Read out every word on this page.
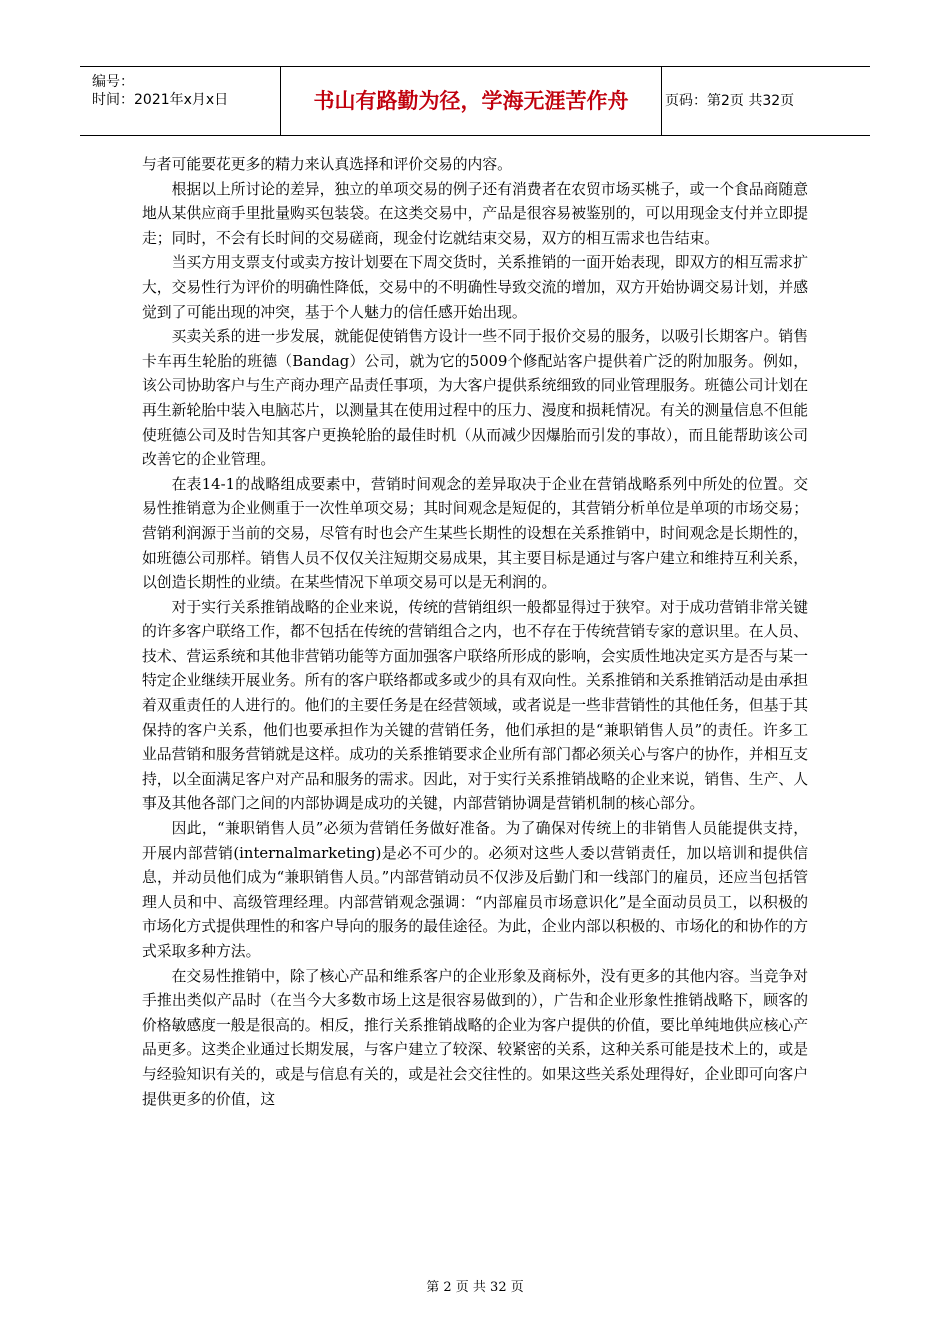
编号：
时间：2021年x月x日	书山有路勤为径，学海无涯苦作舟	页码：第2页 共32页

与者可能要花更多的精力来认真选择和评价交易的内容。

根据以上所讨论的差异，独立的单项交易的例子还有消费者在农贸市场买桃子，或一个食品商随意地从某供应商手里批量购买包装袋。在这类交易中，产品是很容易被鉴别的，可以用现金支付并立即提走；同时，不会有长时间的交易磋商，现金付讫就结束交易，双方的相互需求也告结束。

当买方用支票支付或卖方按计划要在下周交货时，关系推销的一面开始表现，即双方的相互需求扩大，交易性行为评价的明确性降低，交易中的不明确性导致交流的增加，双方开始协调交易计划，并感觉到了可能出现的冲突，基于个人魅力的信任感开始出现。

买卖关系的进一步发展，就能促使销售方设计一些不同于报价交易的服务，以吸引长期客户。销售卡车再生轮胎的班德（Bandag）公司，就为它的5009个修配站客户提供着广泛的附加服务。例如，该公司协助客户与生产商办理产品责任事项，为大客户提供系统细致的同业管理服务。班德公司计划在再生新轮胎中装入电脑芯片，以测量其在使用过程中的压力、漫度和损耗情况。有关的测量信息不但能使班德公司及时告知其客户更换轮胎的最佳时机（从而减少因爆胎而引发的事故），而且能帮助该公司改善它的企业管理。

在表14-1的战略组成要素中，营销时间观念的差异取决于企业在营销战略系列中所处的位置。交易性推销意为企业侧重于一次性单项交易；其时间观念是短促的，其营销分析单位是单项的市场交易；营销利润源于当前的交易，尽管有时也会产生某些长期性的设想在关系推销中，时间观念是长期性的，如班德公司那样。销售人员不仅仅关注短期交易成果，其主要目标是通过与客户建立和维持互利关系，以创造长期性的业绩。在某些情况下单项交易可以是无利润的。

对于实行关系推销战略的企业来说，传统的营销组织一般都显得过于狭窄。对于成功营销非常关键的许多客户联络工作，都不包括在传统的营销组合之内，也不存在于传统营销专家的意识里。在人员、技术、营运系统和其他非营销功能等方面加强客户联络所形成的影响，会实质性地决定买方是否与某一特定企业继续开展业务。所有的客户联络都或多或少的具有双向性。关系推销和关系推销活动是由承担着双重责任的人进行的。他们的主要任务是在经营领域，或者说是一些非营销性的其他任务，但基于其保持的客户关系，他们也要承担作为关键的营销任务，他们承担的是“兼职销售人员”的责任。许多工业品营销和服务营销就是这样。成功的关系推销要求企业所有部门都必须关心与客户的协作，并相互支持，以全面满足客户对产品和服务的需求。因此，对于实行关系推销战略的企业来说，销售、生产、人事及其他各部门之间的内部协调是成功的关键，内部营销协调是营销机制的核心部分。

因此，“兼职销售人员”必须为营销任务做好准备。为了确保对传统上的非销售人员能提供支持，开展内部营销(internalmarketing)是必不可少的。必须对这些人委以营销责任，加以培训和提供信息，并动员他们成为“兼职销售人员。”内部营销动员不仅涉及后勤门和一线部门的雇员，还应当包括管理人员和中、高级管理经理。内部营销观念强调：“内部雇员市场意识化”是全面动员员工，以积极的市场化方式提供理性的和客户导向的服务的最佳途径。为此，企业内部以积极的、市场化的和协作的方式采取多种方法。

在交易性推销中，除了核心产品和维系客户的企业形象及商标外，没有更多的其他内容。当竞争对手推出类似产品时（在当今大多数市场上这是很容易做到的），广告和企业形象性推销战略下，顾客的价格敏感度一般是很高的。相反，推行关系推销战略的企业为客户提供的价值，要比单纯地供应核心产品更多。这类企业通过长期发展，与客户建立了较深、较紧密的关系，这种关系可能是技术上的，或是与经验知识有关的，或是与信息有关的，或是社会交往性的。如果这些关系处理得好，企业即可向客户提供更多的价值，这

第 2 页 共 32 页
